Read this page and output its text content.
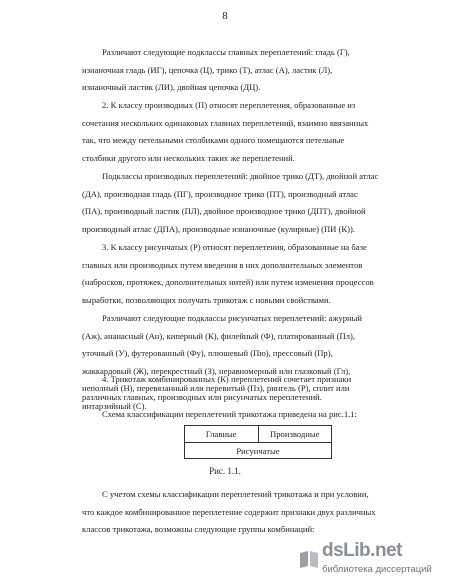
8
Различают следующие подклассы главных переплетений: гладь (Г),
изнаночная гладь (ИГ), цепочка (Ц), трико (Т), атлас (А), ластик (Л),
изнаночный ластик (ЛИ), двойная цепочка (ДЦ).
2. К классу производных (П) относят переплетения, образованные из
сочетания нескольких одинаковых главных переплетений, взаимно ввязанных
так, что между петельными столбиками одного помещаются петельные
столбики другого или нескольких таких же переплетений.
Подклассы производных переплетений: двойное трико (ДТ), двойной атлас
(ДА), производная гладь (ПГ), производное трико (ПТ), производный атлас
(ПА), производный ластик (ПЛ), двойное производное трико (ДПТ), двойной
производный атлас (ДПА), производные изнаночные (кулирные) (ПИ (К)).
3. К классу рисунчатых (Р) относят переплетения, образованные на базе
главных или производных путем введения в них дополнительных элементов
(набросков, протяжек, дополнительных нитей) или путем изменения процессов
выработки, позволяющих получать трикотаж с новыми свойствами.
Различают следующие подклассы рисунчатых переплетений: ажурный
(Аж), ананасный (Ан), киперный (К), филейный (Ф), платированный (Пл),
уточный (У), футерованный (Фу), плюшевый (Пю), прессовый (Пр),
жаккардовый (Ж), перекрестный (З), неравномерный или глазковый (Гл),
неполный (Н), перевязанный или перевитый (Пз), рингель (Р), сплит или
интарзийный (С).
4. Трикотаж комбинированных (К) переплетений сочетает признаки
различных главных, производных или рисунчатых переплетений.
Схема классификации переплетений трикотажа приведена на рис.1.1:
Главные	Производные
Рисунчатые
Рис. 1.1.
С учетом схемы классификации переплетений трикотажа и при условии,
что каждое комбинированное переплетение содержит признаки двух различных
классов трикотажа, возможны следующие группы комбинаций:
dsLib.net
библиотека диссертаций
